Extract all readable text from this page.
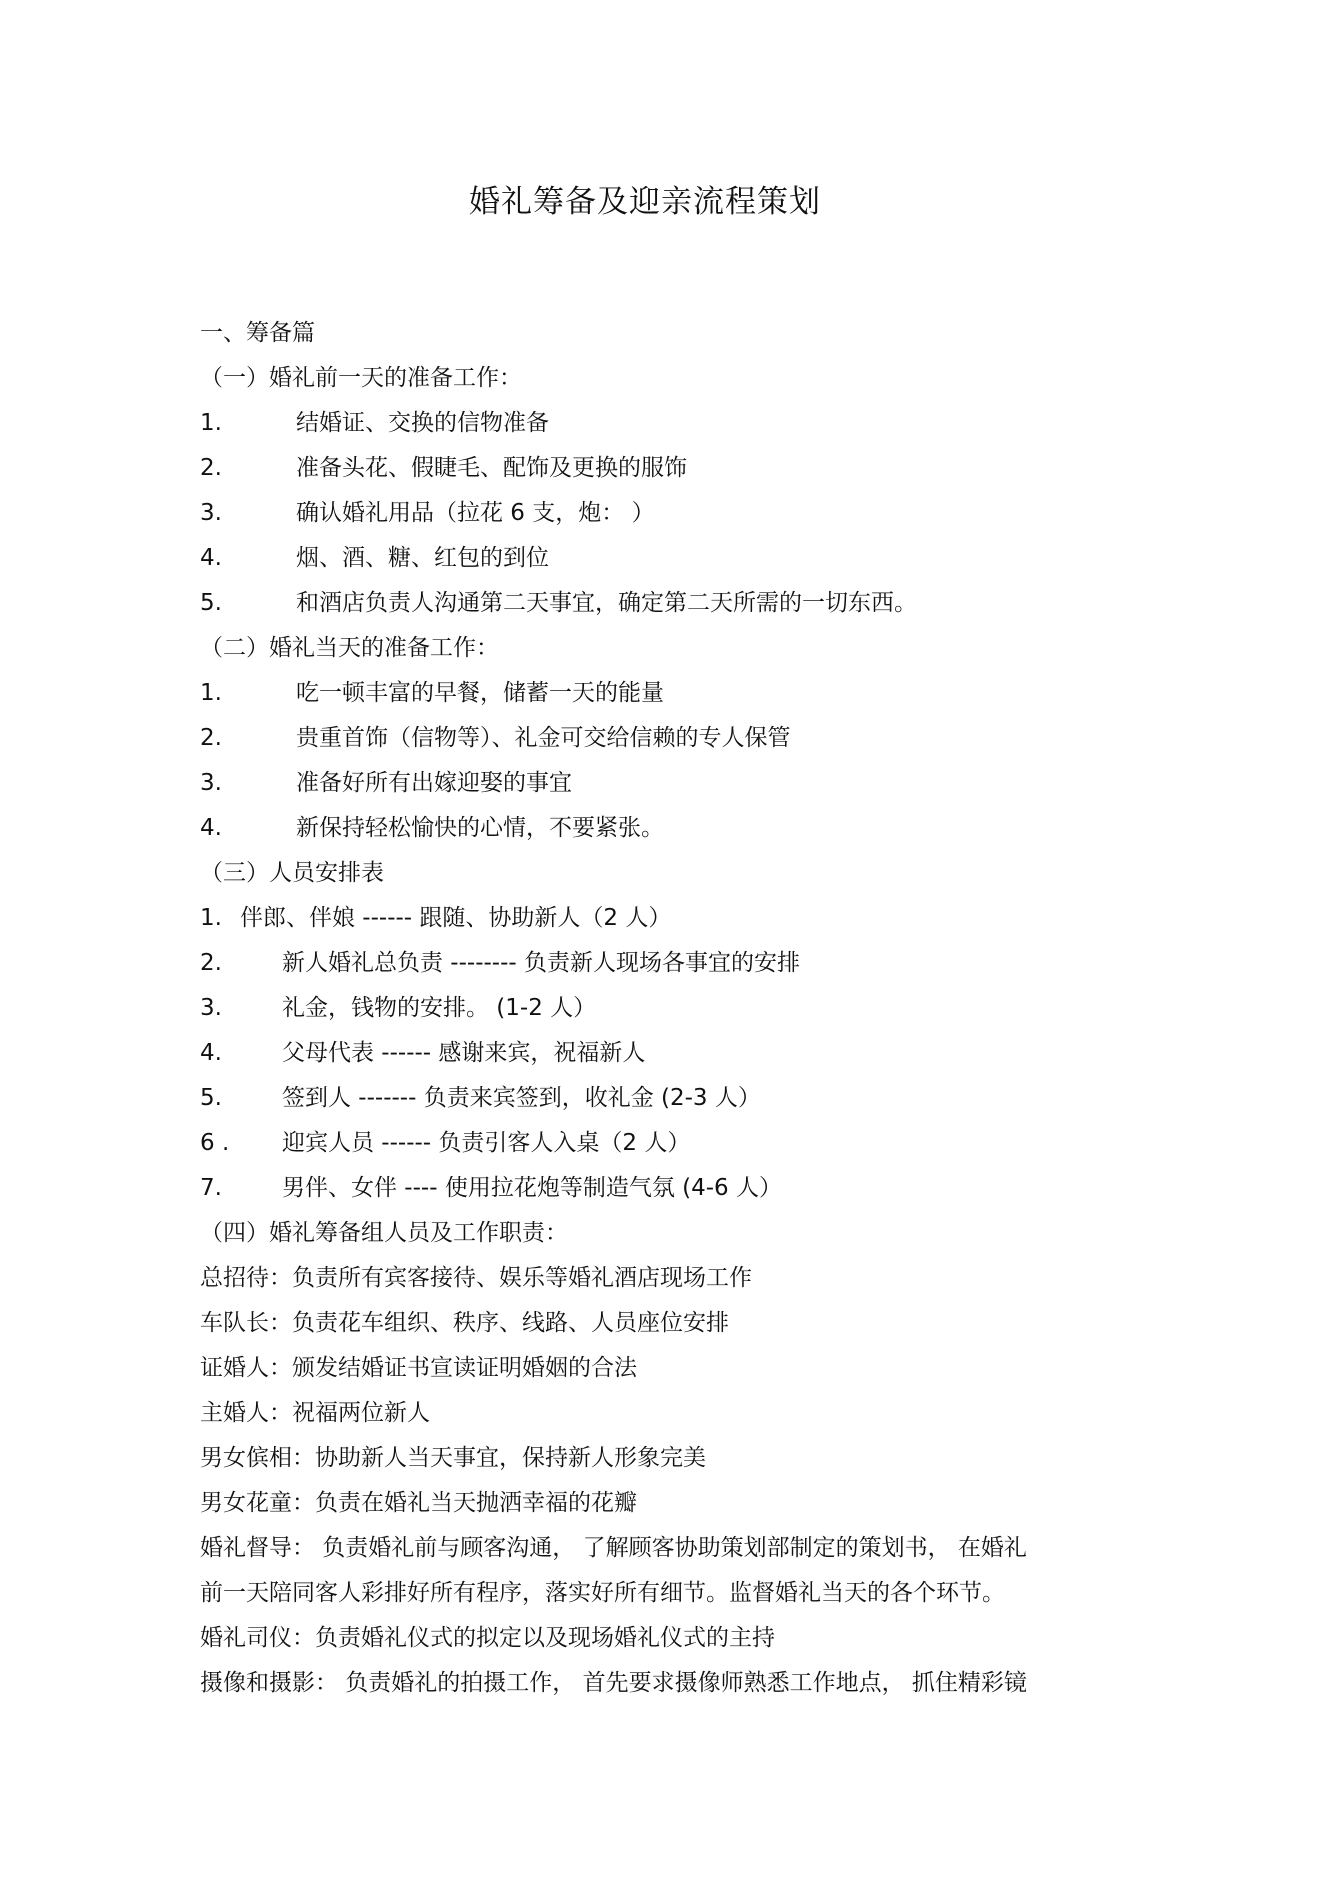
婚礼筹备及迎亲流程策划
一、筹备篇
（一）婚礼前一天的准备工作：
1.	结婚证、交换的信物准备
2.	准备头花、假睫毛、配饰及更换的服饰
3.	确认婚礼用品（拉花 6 支，炮： ）
4.	烟、酒、糖、红包的到位
5.	和酒店负责人沟通第二天事宜，确定第二天所需的一切东西。
（二）婚礼当天的准备工作：
1.	吃一顿丰富的早餐，储蓄一天的能量
2.	贵重首饰（信物等）、礼金可交给信赖的专人保管
3.	准备好所有出嫁迎娶的事宜
4.	新保持轻松愉快的心情，不要紧张。
（三）人员安排表
1. 伴郎、伴娘 ------ 跟随、协助新人（2 人）
2.	新人婚礼总负责 -------- 负责新人现场各事宜的安排
3.	礼金，钱物的安排。 (1-2 人）
4.	父母代表 ------ 感谢来宾，祝福新人
5.	签到人 ------- 负责来宾签到，收礼金 (2-3 人）
6 . 迎宾人员 ------ 负责引客人入桌（2 人）
7.	男伴、女伴 ---- 使用拉花炮等制造气氛 (4-6 人）
（四）婚礼筹备组人员及工作职责：
总招待：负责所有宾客接待、娱乐等婚礼酒店现场工作
车队长：负责花车组织、秩序、线路、人员座位安排
证婚人：颁发结婚证书宣读证明婚姻的合法
主婚人：祝福两位新人
男女傧相：协助新人当天事宜，保持新人形象完美
男女花童：负责在婚礼当天抛洒幸福的花瓣
婚礼督导： 负责婚礼前与顾客沟通， 了解顾客协助策划部制定的策划书， 在婚礼
前一天陪同客人彩排好所有程序，落实好所有细节。监督婚礼当天的各个环节。
婚礼司仪：负责婚礼仪式的拟定以及现场婚礼仪式的主持
摄像和摄影： 负责婚礼的拍摄工作， 首先要求摄像师熟悉工作地点， 抓住精彩镜
